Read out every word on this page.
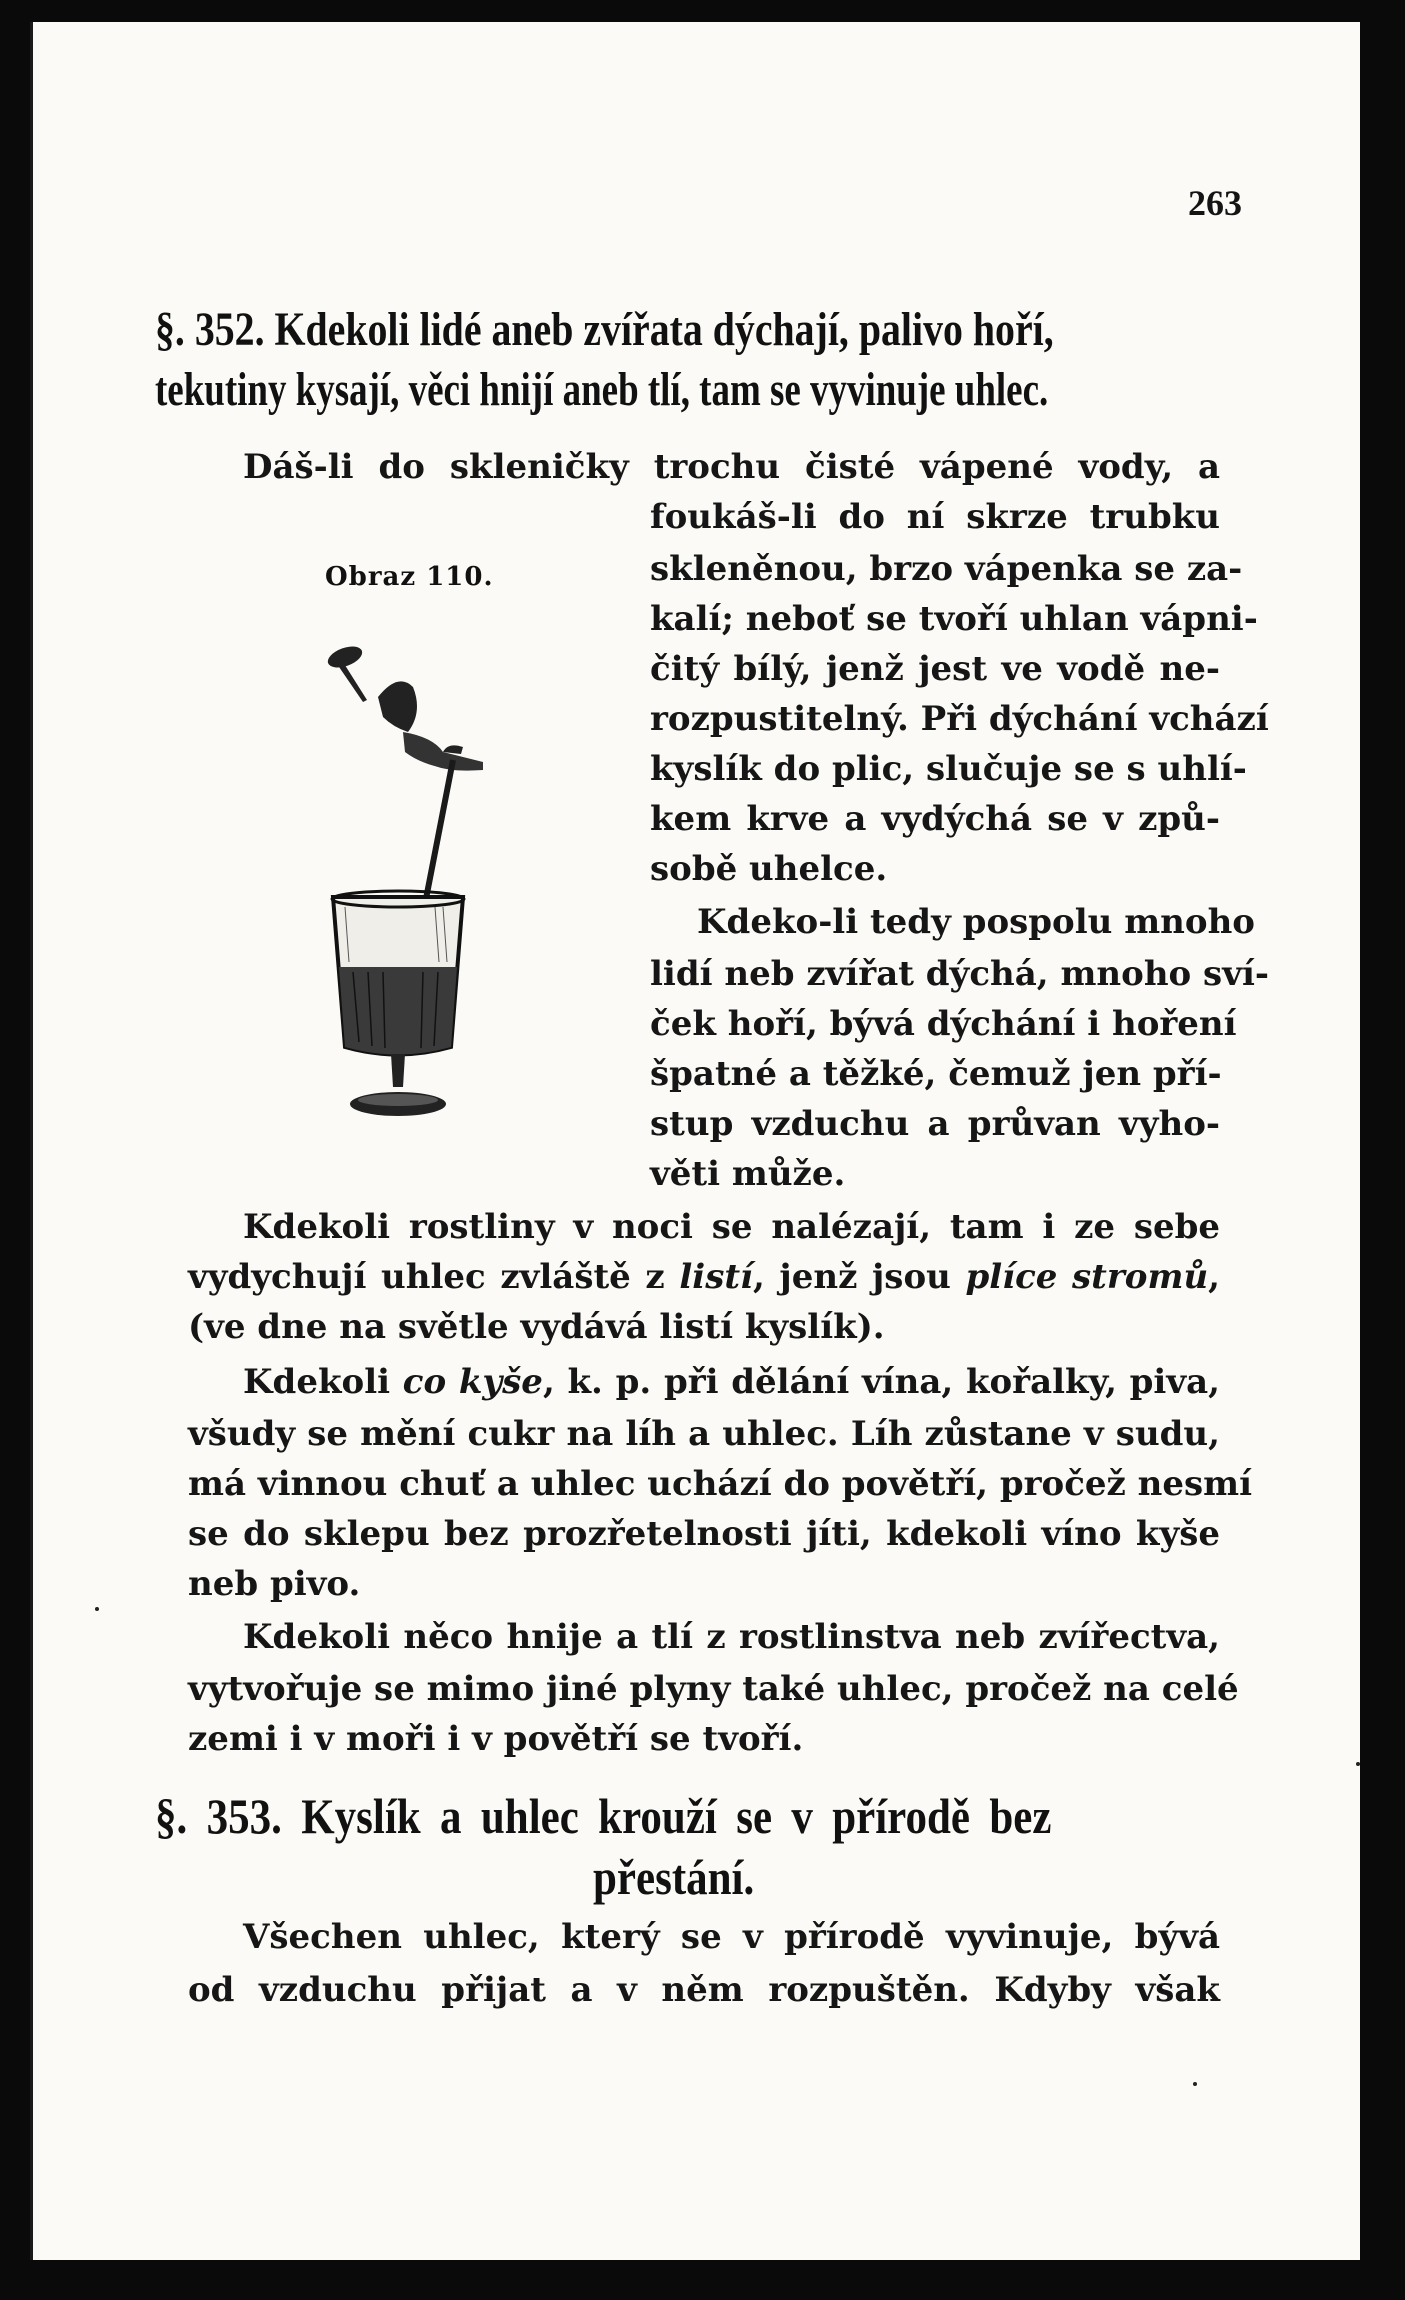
263
§. 352. Kdekoli lidé aneb zvířata dýchají, palivo hoří,
tekutiny kysají, věci hnijí aneb tlí, tam se vyvinuje uhlec.
Dáš-li do skleničky trochu čisté vápené vody, a
foukáš-li do ní skrze trubku
skleněnou, brzo vápenka se za-
kalí; neboť se tvoří uhlan vápni-
čitý bílý, jenž jest ve vodě ne-
rozpustitelný. Při dýchání vchází
kyslík do plic, slučuje se s uhlí-
kem krve a vydýchá se v způ-
sobě uhelce.
Kdeko-li tedy pospolu mnoho
lidí neb zvířat dýchá, mnoho sví-
ček hoří, bývá dýchání i hoření
špatné a těžké, čemuž jen pří-
stup vzduchu a průvan vyho-
věti může.
Obraz 110.
Kdekoli rostliny v noci se nalézají, tam i ze sebe
vydychují uhlec zvláště z listí, jenž jsou plíce stromů,
(ve dne na světle vydává listí kyslík).
Kdekoli co kyše, k. p. při dělání vína, kořalky, piva,
všudy se mění cukr na líh a uhlec. Líh zůstane v sudu,
má vinnou chuť a uhlec uchází do povětří, pročež nesmí
se do sklepu bez prozřetelnosti jíti, kdekoli víno kyše
neb pivo.
Kdekoli něco hnije a tlí z rostlinstva neb zvířectva,
vytvořuje se mimo jiné plyny také uhlec, pročež na celé
zemi i v moři i v povětří se tvoří.
§. 353. Kyslík a uhlec krouží se v přírodě bez
přestání.
Všechen uhlec, který se v přírodě vyvinuje, bývá
od vzduchu přijat a v něm rozpuštěn. Kdyby však
